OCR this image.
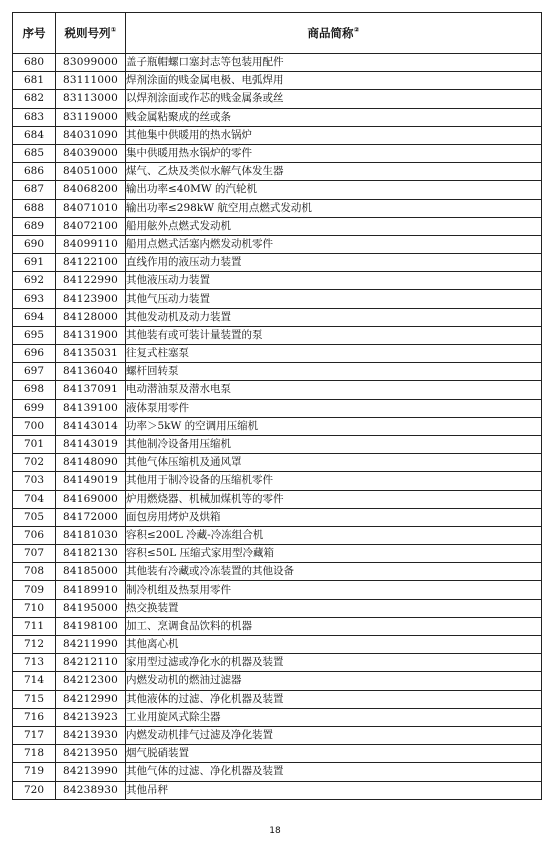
序号	税则号列①	商品简称②
680	83099000	盖子瓶帽螺口塞封志等包装用配件
681	83111000	焊剂涂面的贱金属电极、电弧焊用
682	83113000	以焊剂涂面或作芯的贱金属条或丝
683	83119000	贱金属粘聚成的丝或条
684	84031090	其他集中供暖用的热水锅炉
685	84039000	集中供暖用热水锅炉的零件
686	84051000	煤气、乙炔及类似水解气体发生器
687	84068200	输出功率≤40MW 的汽轮机
688	84071010	输出功率≤298kW 航空用点燃式发动机
689	84072100	船用舷外点燃式发动机
690	84099110	船用点燃式活塞内燃发动机零件
691	84122100	直线作用的液压动力装置
692	84122990	其他液压动力装置
693	84123900	其他气压动力装置
694	84128000	其他发动机及动力装置
695	84131900	其他装有或可装计量装置的泵
696	84135031	往复式柱塞泵
697	84136040	螺杆回转泵
698	84137091	电动潜油泵及潜水电泵
699	84139100	液体泵用零件
700	84143014	功率＞5kW 的空调用压缩机
701	84143019	其他制冷设备用压缩机
702	84148090	其他气体压缩机及通风罩
703	84149019	其他用于制冷设备的压缩机零件
704	84169000	炉用燃烧器、机械加煤机等的零件
705	84172000	面包房用烤炉及烘箱
706	84181030	容积≤200L 冷藏-冷冻组合机
707	84182130	容积≤50L 压缩式家用型冷藏箱
708	84185000	其他装有冷藏或冷冻装置的其他设备
709	84189910	制冷机组及热泵用零件
710	84195000	热交换装置
711	84198100	加工、烹调食品饮料的机器
712	84211990	其他离心机
713	84212110	家用型过滤或净化水的机器及装置
714	84212300	内燃发动机的燃油过滤器
715	84212990	其他液体的过滤、净化机器及装置
716	84213923	工业用旋风式除尘器
717	84213930	内燃发动机排气过滤及净化装置
718	84213950	烟气脱硝装置
719	84213990	其他气体的过滤、净化机器及装置
720	84238930	其他吊秤
18
